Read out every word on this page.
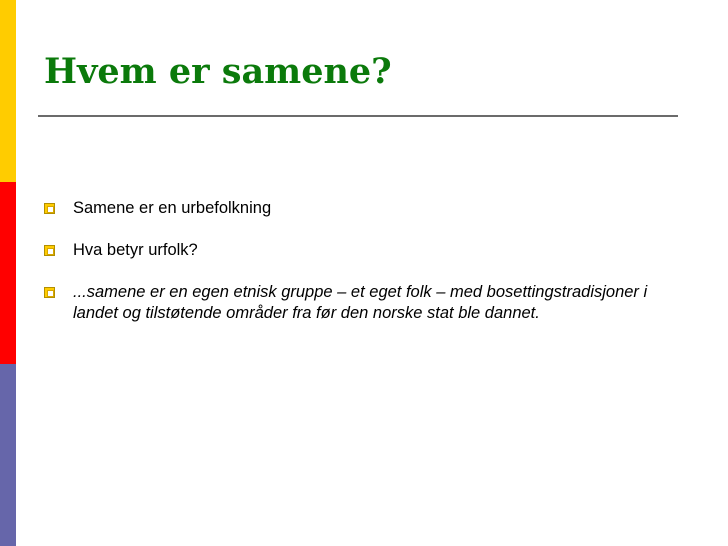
Hvem er samene?
Samene er en urbefolkning
Hva betyr urfolk?
...samene er en egen etnisk gruppe – et eget folk – med bosettingstradisjoner i landet og tilstøtende områder fra før den norske stat ble dannet.
